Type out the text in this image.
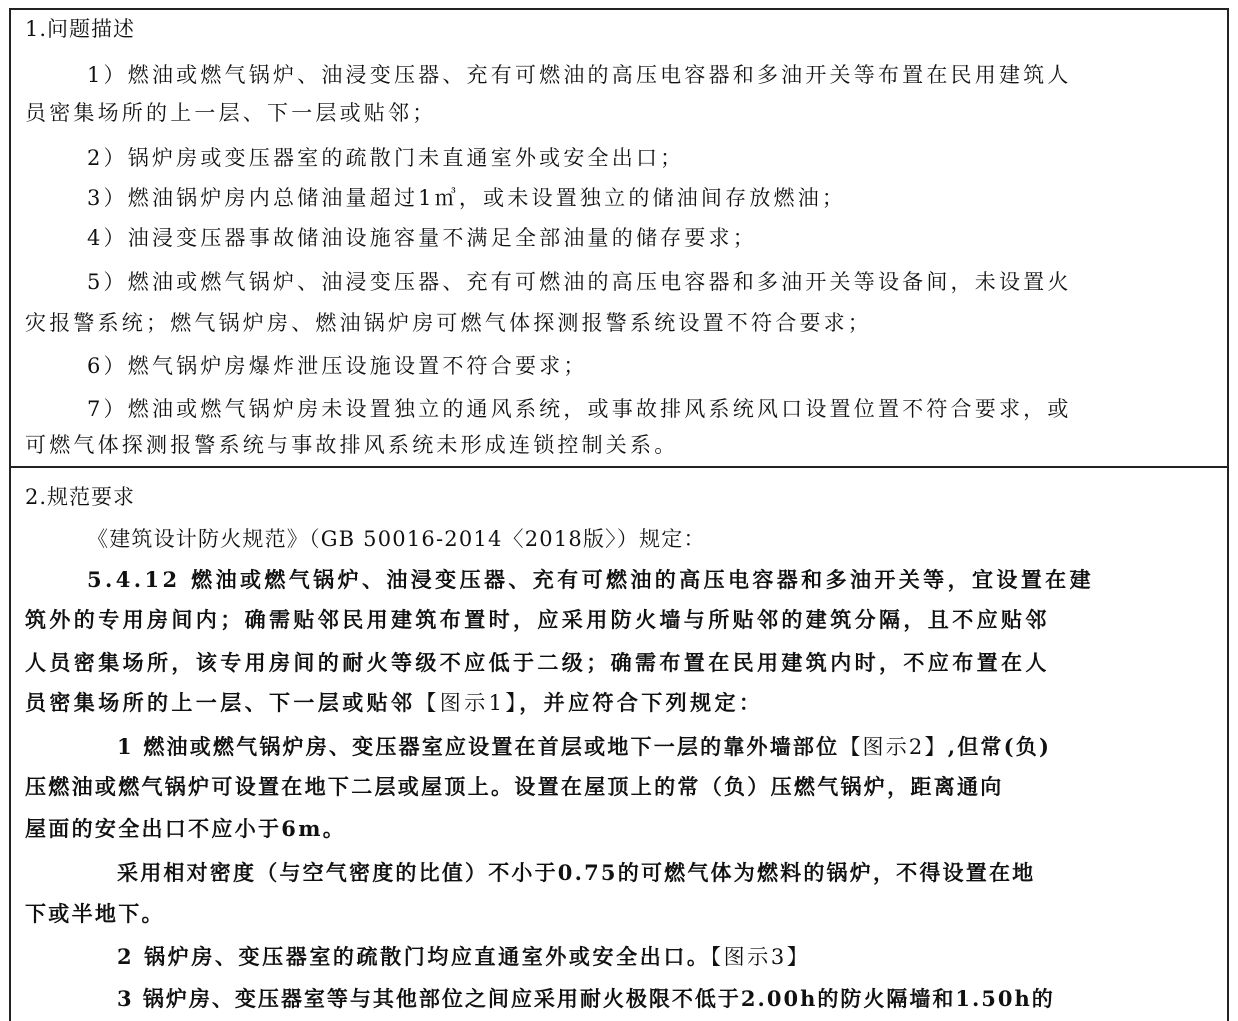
1.问题描述
1）燃油或燃气锅炉、油浸变压器、充有可燃油的高压电容器和多油开关等布置在民用建筑人
员密集场所的上一层、下一层或贴邻；
2）锅炉房或变压器室的疏散门未直通室外或安全出口；
3）燃油锅炉房内总储油量超过1㎥，或未设置独立的储油间存放燃油；
4）油浸变压器事故储油设施容量不满足全部油量的储存要求；
5）燃油或燃气锅炉、油浸变压器、充有可燃油的高压电容器和多油开关等设备间，未设置火
灾报警系统；燃气锅炉房、燃油锅炉房可燃气体探测报警系统设置不符合要求；
6）燃气锅炉房爆炸泄压设施设置不符合要求；
7）燃油或燃气锅炉房未设置独立的通风系统，或事故排风系统风口设置位置不符合要求，或
可燃气体探测报警系统与事故排风系统未形成连锁控制关系。
2.规范要求
《建筑设计防火规范》（GB 50016-2014〈2018版〉）规定：
5.4.12 燃油或燃气锅炉、油浸变压器、充有可燃油的高压电容器和多油开关等，宜设置在建
筑外的专用房间内；确需贴邻民用建筑布置时，应采用防火墙与所贴邻的建筑分隔，且不应贴邻
人员密集场所，该专用房间的耐火等级不应低于二级；确需布置在民用建筑内时，不应布置在人
员密集场所的上一层、下一层或贴邻【图示1】，并应符合下列规定：
1 燃油或燃气锅炉房、变压器室应设置在首层或地下一层的靠外墙部位【图示2】,但常(负)
压燃油或燃气锅炉可设置在地下二层或屋顶上。设置在屋顶上的常（负）压燃气锅炉，距离通向
屋面的安全出口不应小于6m。
采用相对密度（与空气密度的比值）不小于0.75的可燃气体为燃料的锅炉，不得设置在地
下或半地下。
2 锅炉房、变压器室的疏散门均应直通室外或安全出口。【图示3】
3 锅炉房、变压器室等与其他部位之间应采用耐火极限不低于2.00h的防火隔墙和1.50h的
